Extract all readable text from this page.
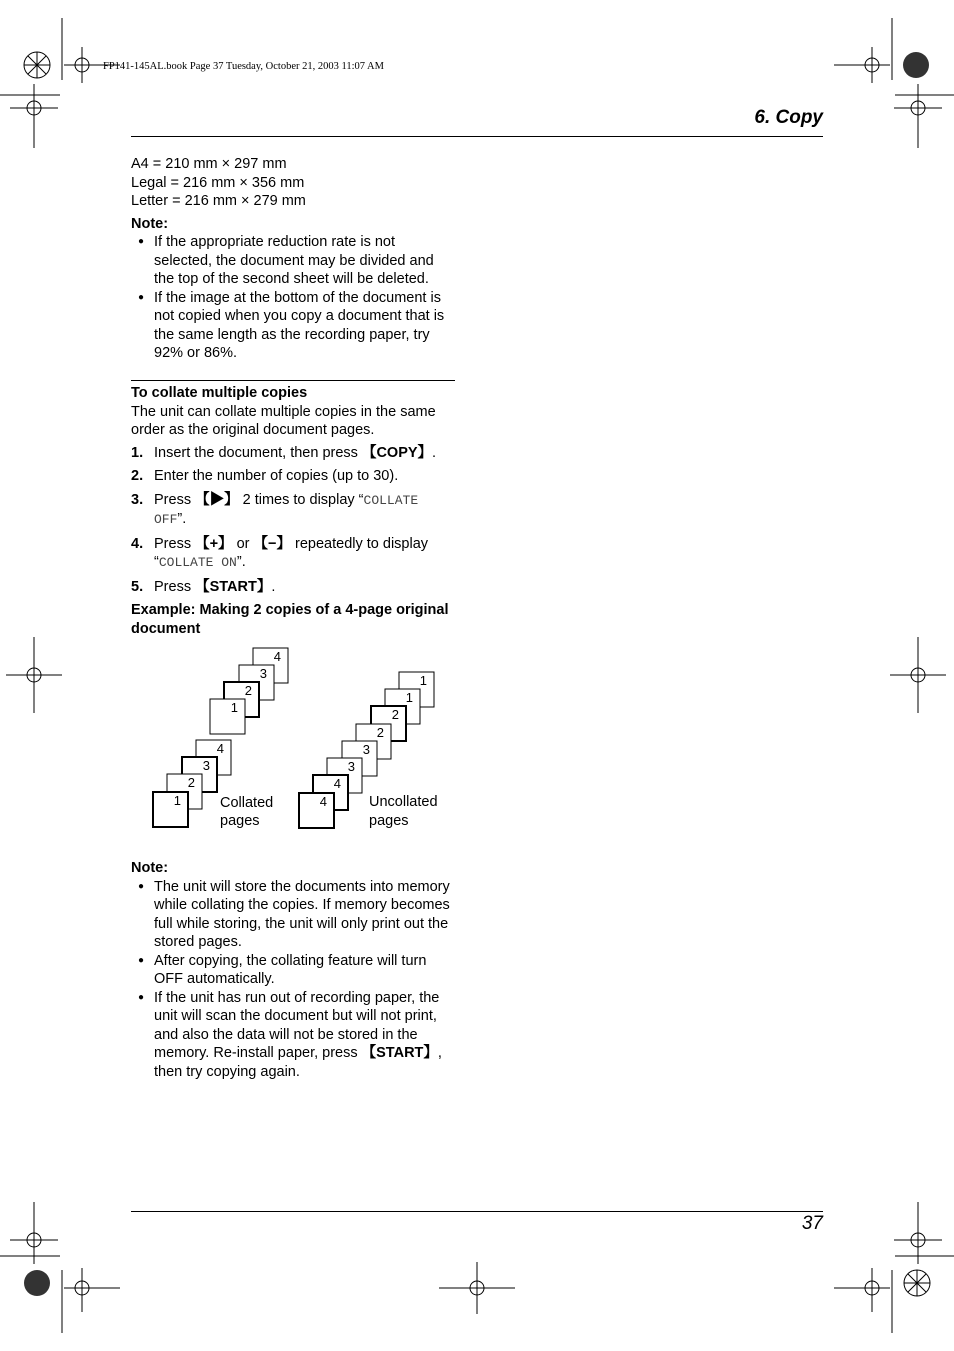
FP141-145AL.book Page 37 Tuesday, October 21, 2003 11:07 AM
6. Copy

A4 = 210 mm × 297 mm

Legal = 216 mm × 356 mm

Letter = 216 mm × 279 mm

Note:

● If the appropriate reduction rate is not selected, the document may be divided and the top of the second sheet will be deleted.
● If the image at the bottom of the document is not copied when you copy a document that is the same length as the recording paper, try 92% or 86%.

To collate multiple copies

The unit can collate multiple copies in the same order as the original document pages.

1. Insert the document, then press 【COPY】.
2. Enter the number of copies (up to 30).
3. Press 【▶】 2 times to display “COLLATE OFF”.
4. Press 【+】 or 【−】 repeatedly to display “COLLATE ON”.
5. Press 【START】.

Example: Making 2 copies of a 4-page original document

4
3
2
1
4
3
2
1
1
1
2
2
3
3
4
4
Collated
pages
Uncollated
pages

Note:

● The unit will store the documents into memory while collating the copies. If memory becomes full while storing, the unit will only print out the stored pages.
● After copying, the collating feature will turn OFF automatically.
● If the unit has run out of recording paper, the unit will scan the document but will not print, and also the data will not be stored in the memory. Re-install paper, press 【START】, then try copying again.
37
